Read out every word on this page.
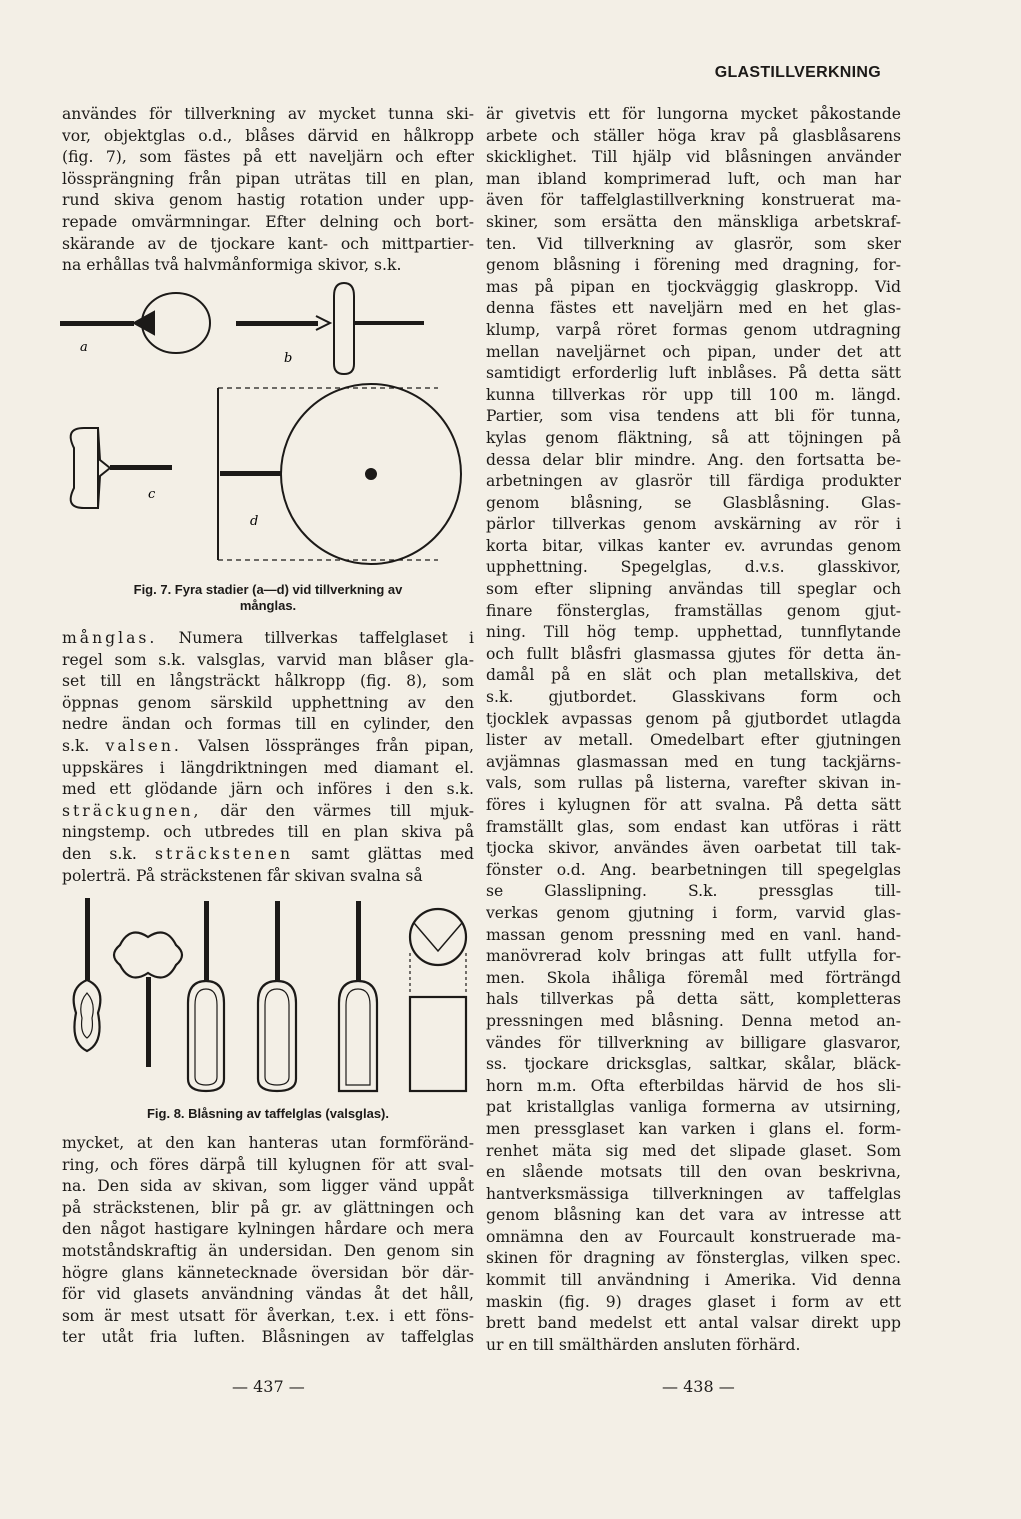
GLASTILLVERKNING
användes för tillverkning av mycket tunna ski-
vor, objektglas o.d., blåses därvid en hålkropp
(fig. 7), som fästes på ett naveljärn och efter
lössprängning från pipan uträtas till en plan,
rund skiva genom hastig rotation under upp-
repade omvärmningar. Efter delning och bort-
skärande av de tjockare kant- och mittpartier-
na erhållas två halvmånformiga skivor, s.k.
a
b
c
d
Fig. 7. Fyra stadier (a—d) vid tillverkning av
månglas.
månglas. Numera tillverkas taffelglaset i
regel som s.k. valsglas, varvid man blåser gla-
set till en långsträckt hålkropp (fig. 8), som
öppnas genom särskild upphettning av den
nedre ändan och formas till en cylinder, den
s.k. valsen. Valsen lösspränges från pipan,
uppskäres i längdriktningen med diamant el.
med ett glödande järn och införes i den s.k.
sträckugnen, där den värmes till mjuk-
ningstemp. och utbredes till en plan skiva på
den s.k. sträckstenen samt glättas med
polerträ. På sträckstenen får skivan svalna så
Fig. 8. Blåsning av taffelglas (valsglas).
mycket, at den kan hanteras utan formföränd-
ring, och föres därpå till kylugnen för att sval-
na. Den sida av skivan, som ligger vänd uppåt
på sträckstenen, blir på gr. av glättningen och
den något hastigare kylningen hårdare och mera
motståndskraftig än undersidan. Den genom sin
högre glans kännetecknade översidan bör där-
för vid glasets användning vändas åt det håll,
som är mest utsatt för åverkan, t.ex. i ett föns-
ter utåt fria luften. Blåsningen av taffelglas
— 437 —
är givetvis ett för lungorna mycket påkostande
arbete och ställer höga krav på glasblåsarens
skicklighet. Till hjälp vid blåsningen använder
man ibland komprimerad luft, och man har
även för taffelglastillverkning konstruerat ma-
skiner, som ersätta den mänskliga arbetskraf-
ten. Vid tillverkning av glasrör, som sker
genom blåsning i förening med dragning, for-
mas på pipan en tjockväggig glaskropp. Vid
denna fästes ett naveljärn med en het glas-
klump, varpå röret formas genom utdragning
mellan naveljärnet och pipan, under det att
samtidigt erforderlig luft inblåses. På detta sätt
kunna tillverkas rör upp till 100 m. längd.
Partier, som visa tendens att bli för tunna,
kylas genom fläktning, så att töjningen på
dessa delar blir mindre. Ang. den fortsatta be-
arbetningen av glasrör till färdiga produkter
genom blåsning, se Glasblåsning. Glas-
pärlor tillverkas genom avskärning av rör i
korta bitar, vilkas kanter ev. avrundas genom
upphettning. Spegelglas, d.v.s. glasskivor,
som efter slipning användas till speglar och
finare fönsterglas, framställas genom gjut-
ning. Till hög temp. upphettad, tunnflytande
och fullt blåsfri glasmassa gjutes för detta än-
damål på en slät och plan metallskiva, det
s.k. gjutbordet. Glasskivans form och
tjocklek avpassas genom på gjutbordet utlagda
lister av metall. Omedelbart efter gjutningen
avjämnas glasmassan med en tung tackjärns-
vals, som rullas på listerna, varefter skivan in-
föres i kylugnen för att svalna. På detta sätt
framställt glas, som endast kan utföras i rätt
tjocka skivor, användes även oarbetat till tak-
fönster o.d. Ang. bearbetningen till spegelglas
se Glasslipning. S.k. pressglas till-
verkas genom gjutning i form, varvid glas-
massan genom pressning med en vanl. hand-
manövrerad kolv bringas att fullt utfylla for-
men. Skola ihåliga föremål med förträngd
hals tillverkas på detta sätt, kompletteras
pressningen med blåsning. Denna metod an-
vändes för tillverkning av billigare glasvaror,
ss. tjockare dricksglas, saltkar, skålar, bläck-
horn m.m. Ofta efterbildas härvid de hos sli-
pat kristallglas vanliga formerna av utsirning,
men pressglaset kan varken i glans el. form-
renhet mäta sig med det slipade glaset. Som
en slående motsats till den ovan beskrivna,
hantverksmässiga tillverkningen av taffelglas
genom blåsning kan det vara av intresse att
omnämna den av Fourcault konstruerade ma-
skinen för dragning av fönsterglas, vilken spec.
kommit till användning i Amerika. Vid denna
maskin (fig. 9) drages glaset i form av ett
brett band medelst ett antal valsar direkt upp
ur en till smälthärden ansluten förhärd.
— 438 —
